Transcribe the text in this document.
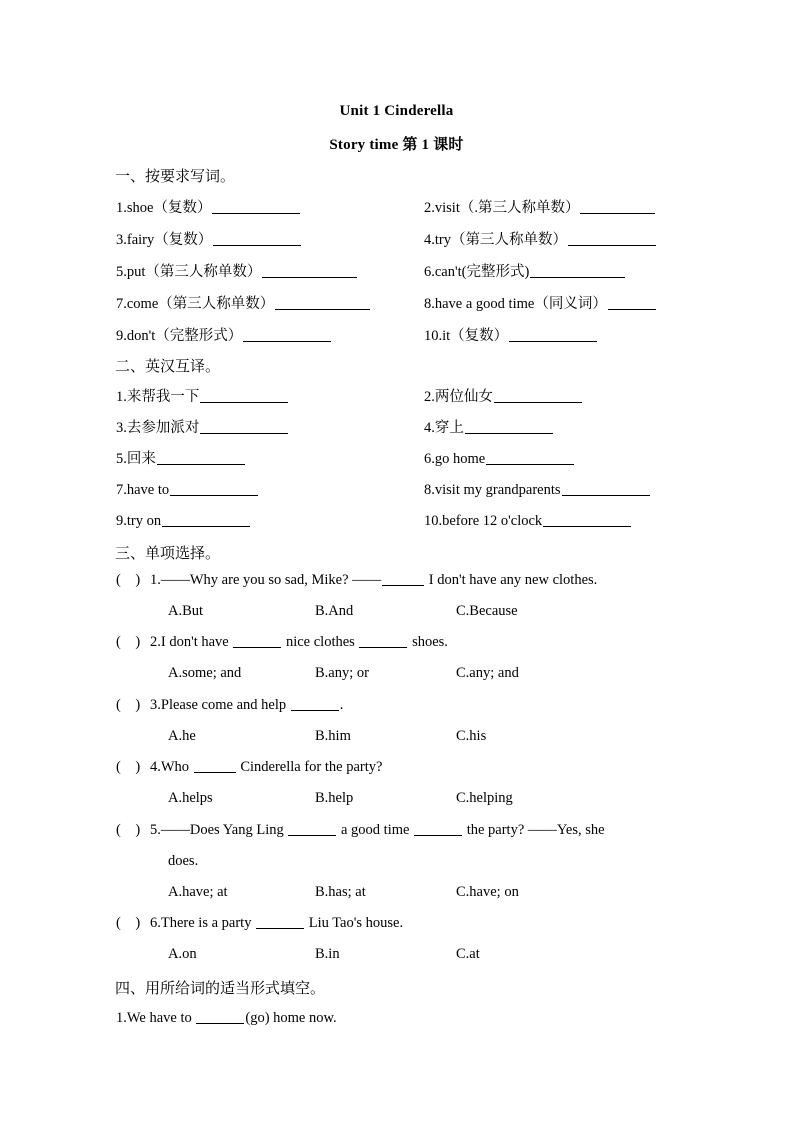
Unit 1 Cinderella
Story time 第 1 课时
一、按要求写词。
1.shoe（复数）	2.visit（.第三人称单数）
3.fairy（复数）	4.try（第三人称单数）
5.put（第三人称单数）	6.can't(完整形式)
7.come（第三人称单数）	8.have a good time（同义词）
9.don't（完整形式）	10.it（复数）
二、英汉互译。
1.来帮我一下	2.两位仙女
3.去参加派对	4.穿上
5.回来	6.go home
7.have to	8.visit my grandparents
9.try on	10.before 12 o'clock
三、单项选择。
(    ) 1.——Why are you so sad, Mike? ——	I don't have any new clothes.
A.But	B.And	C.Because
(    ) 2.I don't have	nice clothes	shoes.
A.some; and	B.any; or	C.any; and
(    ) 3.Please come and help	.
A.he	B.him	C.his
(    ) 4.Who	Cinderella for the party?
A.helps	B.help	C.helping
(    ) 5.——Does Yang Ling	a good time	the party? ——Yes, she
does.
A.have; at	B.has; at	C.have; on
(    ) 6.There is a party	Liu Tao's house.
A.on	B.in	C.at
四、用所给词的适当形式填空。
1.We have to	(go) home now.
